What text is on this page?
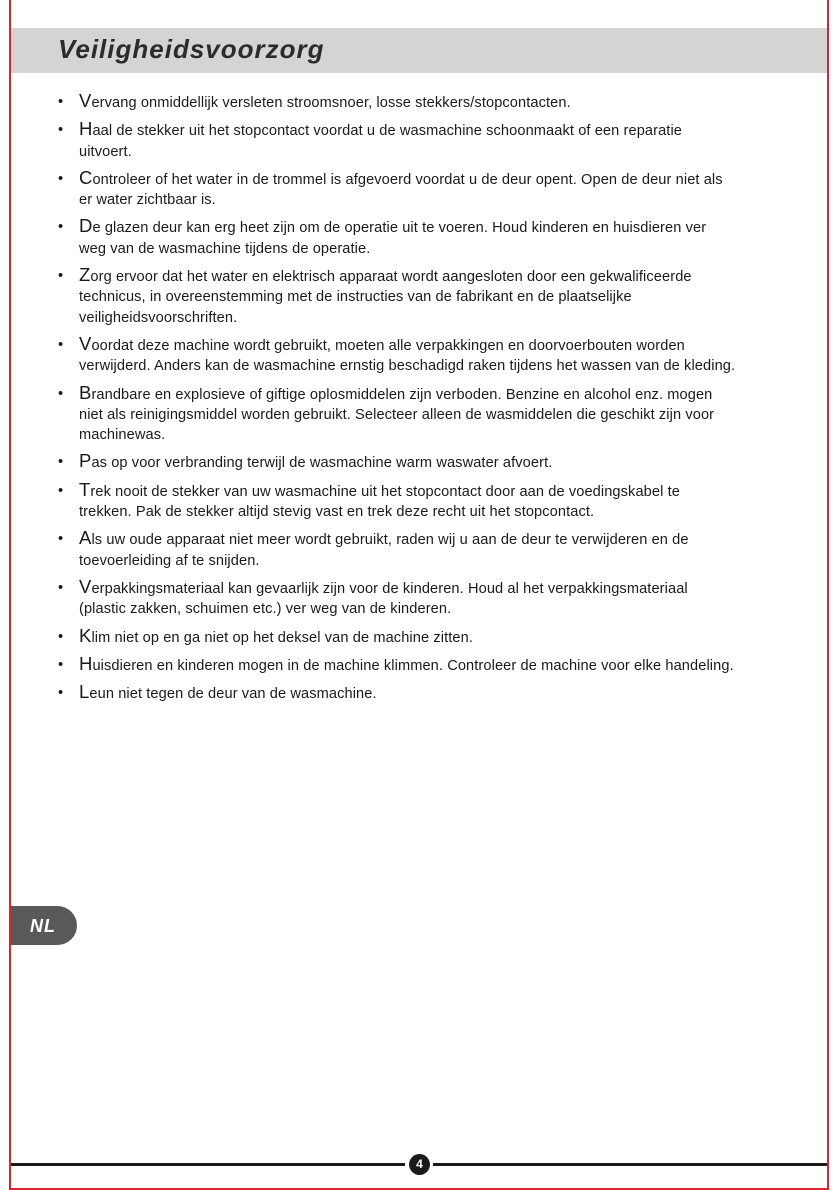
Veiligheidsvoorzorg
• Vervang onmiddellijk versleten stroomsnoer, losse stekkers/stopcontacten.
• Haal de stekker uit het stopcontact voordat u de wasmachine schoonmaakt of een reparatie uitvoert.
• Controleer of het water in de trommel is afgevoerd voordat u de deur opent. Open de deur niet als er water zichtbaar is.
• De glazen deur kan erg heet zijn om de operatie uit te voeren. Houd kinderen en huisdieren ver weg van de wasmachine tijdens de operatie.
• Zorg ervoor dat het water en elektrisch apparaat wordt aangesloten door een gekwalificeerde technicus, in overeenstemming met de instructies van de fabrikant en de plaatselijke veiligheidsvoorschriften.
• Voordat deze machine wordt gebruikt, moeten alle verpakkingen en doorvoerbouten worden verwijderd. Anders kan de wasmachine ernstig beschadigd raken tijdens het wassen van de kleding.
• Brandbare en explosieve of giftige oplosmiddelen zijn verboden. Benzine en alcohol enz. mogen niet als reinigingsmiddel worden gebruikt. Selecteer alleen de wasmiddelen die geschikt zijn voor machinewas.
• Pas op voor verbranding terwijl de wasmachine warm waswater afvoert.
• Trek nooit de stekker van uw wasmachine uit het stopcontact door aan de voedingskabel te trekken. Pak de stekker altijd stevig vast en trek deze recht uit het stopcontact.
• Als uw oude apparaat niet meer wordt gebruikt, raden wij u aan de deur te verwijderen en de toevoerleiding af te snijden.
• Verpakkingsmateriaal kan gevaarlijk zijn voor de kinderen. Houd al het verpakkingsmateriaal (plastic zakken, schuimen etc.) ver weg van de kinderen.
• Klim niet op en ga niet op het deksel van de machine zitten.
• Huisdieren en kinderen mogen in de machine klimmen. Controleer de machine voor elke handeling.
• Leun niet tegen de deur van de wasmachine.
NL
4
